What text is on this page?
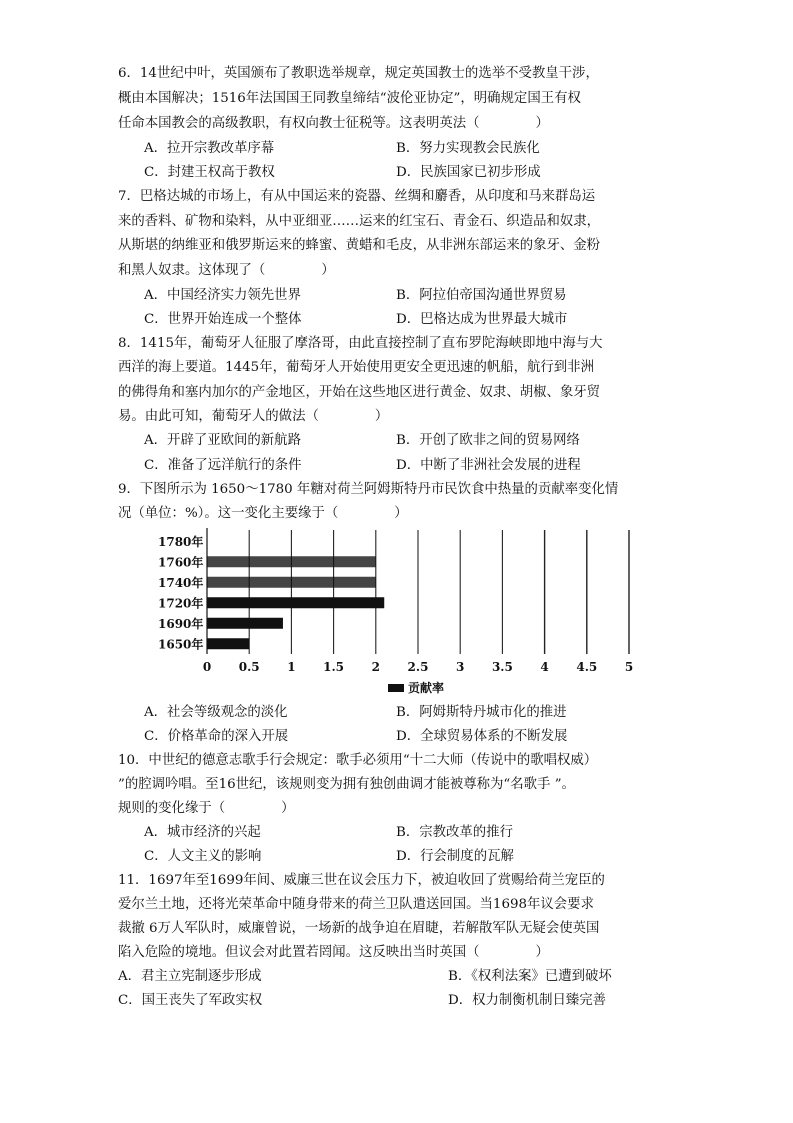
6．14世纪中叶，英国颁布了教职选举规章，规定英国教士的选举不受教皇干涉，
概由本国解决；1516年法国国王同教皇缔结“波伦亚协定”，明确规定国王有权
任命本国教会的高级教职，有权向教士征税等。这表明英法（	）
A．拉开宗教改革序幕	B．努力实现教会民族化
C．封建王权高于教权	D．民族国家已初步形成
7．巴格达城的市场上，有从中国运来的瓷器、丝绸和麝香，从印度和马来群岛运
来的香料、矿物和染料，从中亚细亚……运来的红宝石、青金石、织造品和奴隶，
从斯堪的纳维亚和俄罗斯运来的蜂蜜、黄蜡和毛皮，从非洲东部运来的象牙、金粉
和黑人奴隶。这体现了（	）
A．中国经济实力领先世界	B．阿拉伯帝国沟通世界贸易
C．世界开始连成一个整体	D．巴格达成为世界最大城市
8．1415年，葡萄牙人征服了摩洛哥，由此直接控制了直布罗陀海峡即地中海与大
西洋的海上要道。1445年，葡萄牙人开始使用更安全更迅速的帆船，航行到非洲
的佛得角和塞内加尔的产金地区，开始在这些地区进行黄金、奴隶、胡椒、象牙贸
易。由此可知，葡萄牙人的做法（	）
A．开辟了亚欧间的新航路	B．开创了欧非之间的贸易网络
C．准备了远洋航行的条件	D．中断了非洲社会发展的进程
9．下图所示为 1650～1780 年糖对荷兰阿姆斯特丹市民饮食中热量的贡献率变化情
况（单位：%）。这一变化主要缘于（	）
1780年
1760年
1740年
1720年
1690年
1650年
0 0.5 1 1.5 2 2.5 3 3.5 4 4.5 5
贡献率
A．社会等级观念的淡化	B．阿姆斯特丹城市化的推进
C．价格革命的深入开展	D．全球贸易体系的不断发展
10．中世纪的德意志歌手行会规定：歌手必须用“十二大师（传说中的歌唱权威）
”的腔调吟唱。至16世纪，该规则变为拥有独创曲调才能被尊称为“名歌手 ”。
规则的变化缘于（	）
A．城市经济的兴起	B．宗教改革的推行
C．人文主义的影响	D．行会制度的瓦解
11．1697年至1699年间、威廉三世在议会压力下，被迫收回了赏赐给荷兰宠臣的
爱尔兰土地，还将光荣革命中随身带来的荷兰卫队遣送回国。当1698年议会要求
裁撤 6万人军队时，威廉曾说，一场新的战争迫在眉睫，若解散军队无疑会使英国
陷入危险的境地。但议会对此置若罔闻。这反映出当时英国（	）
A．君主立宪制逐步形成	B．《权利法案》已遭到破坏
C．国王丧失了军政实权	D．权力制衡机制日臻完善
